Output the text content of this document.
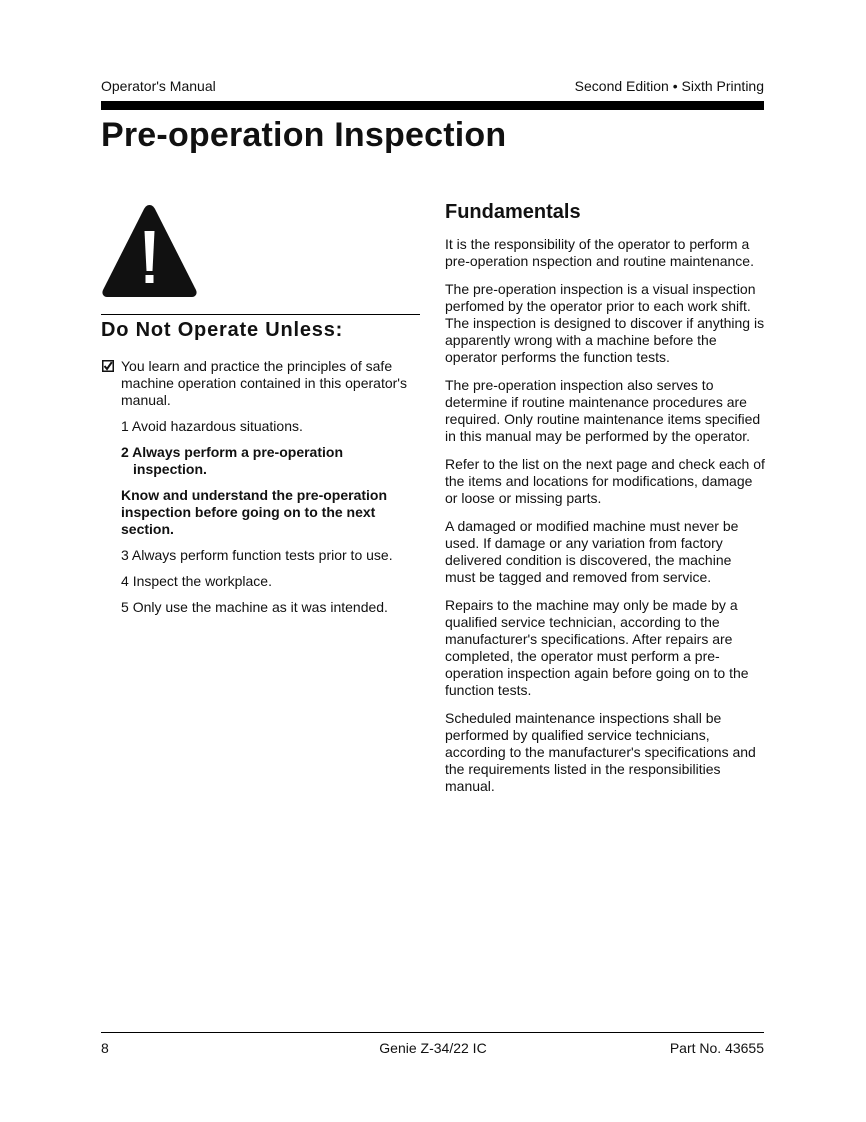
Operator's Manual	Second Edition • Sixth Printing
Pre-operation Inspection
Do Not Operate Unless:
You learn and practice the principles of safe machine operation contained in this operator's manual.
1 Avoid hazardous situations.
2 Always perform a pre-operation inspection.
Know and understand the pre-operation inspection before going on to the next section.
3 Always perform function tests prior to use.
4 Inspect the workplace.
5 Only use the machine as it was intended.
Fundamentals

It is the responsibility of the operator to perform a pre-operation nspection and routine maintenance.

The pre-operation inspection is a visual inspection perfomed by the operator prior to each work shift. The inspection is designed to discover if anything is apparently wrong with a machine before the operator performs the function tests.

The pre-operation inspection also serves to determine if routine maintenance procedures are required. Only routine maintenance items specified in this manual may be performed by the operator.

Refer to the list on the next page and check each of the items and locations for modifications, damage or loose or missing parts.

A damaged or modified machine must never be used. If damage or any variation from factory delivered condition is discovered, the machine must be tagged and removed from service.

Repairs to the machine may only be made by a qualified service technician, according to the manufacturer's specifications. After repairs are completed, the operator must perform a pre-operation inspection again before going on to the function tests.

Scheduled maintenance inspections shall be performed by qualified service technicians, according to the manufacturer's specifications and the requirements listed in the responsibilities manual.

8	Genie Z-34/22 IC	Part No. 43655
